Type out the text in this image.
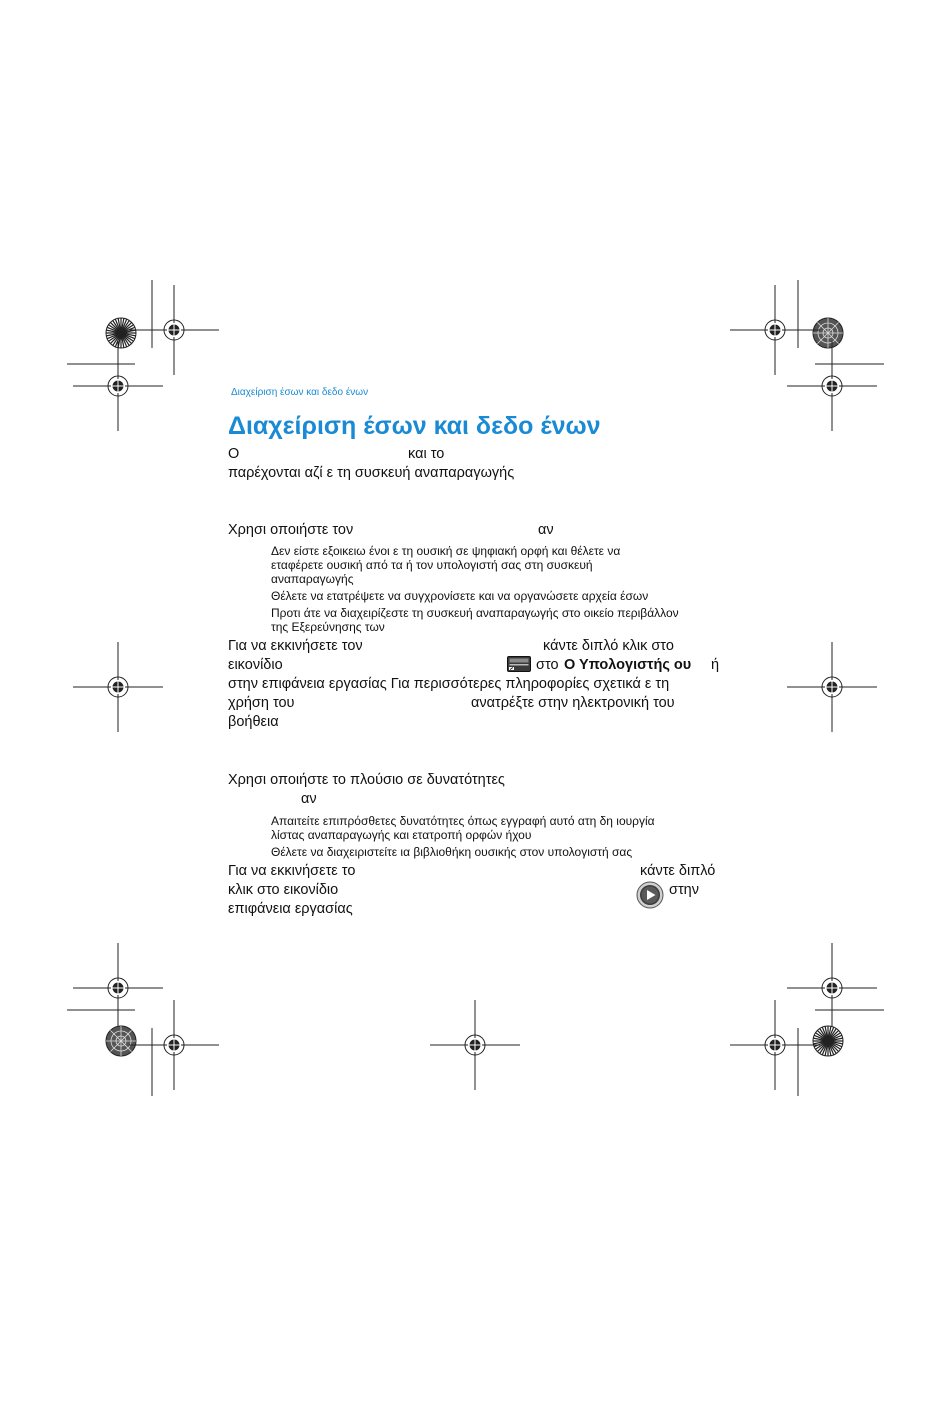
Διαχείριση έσων και δεδο ένων
Διαχείριση έσων και δεδο ένων
Ο	και το
παρέχονται αζί ε τη συσκευή αναπαραγωγής
Χρησι οποιήστε τον	αν
Δεν είστε εξοικειω ένοι ε τη ουσική σε ψηφιακή ορφή και θέλετε να
εταφέρετε ουσική από τα ή τον υπολογιστή σας στη συσκευή
αναπαραγωγής
Θέλετε να ετατρέψετε να συγχρονίσετε και να οργανώσετε αρχεία έσων
Προτι άτε να διαχειρίζεστε τη συσκευή αναπαραγωγής στο οικείο περιβάλλον
της Εξερεύνησης των
Για να εκκινήσετε τον	κάντε διπλό κλικ στο
εικονίδιο	στο Ο Υπολογιστής ου ή
στην επιφάνεια εργασίας Για περισσότερες πληροφορίες σχετικά ε τη
χρήση του	ανατρέξτε στην ηλεκτρονική του
βοήθεια
Χρησι οποιήστε το πλούσιο σε δυνατότητες
αν
Απαιτείτε επιπρόσθετες δυνατότητες όπως εγγραφή αυτό ατη δη ιουργία
λίστας αναπαραγωγής και ετατροπή ορφών ήχου
Θέλετε να διαχειριστείτε ια βιβλιοθήκη ουσικής στον υπολογιστή σας
Για να εκκινήσετε το	κάντε διπλό
κλικ στο εικονίδιο	στην
επιφάνεια εργασίας
